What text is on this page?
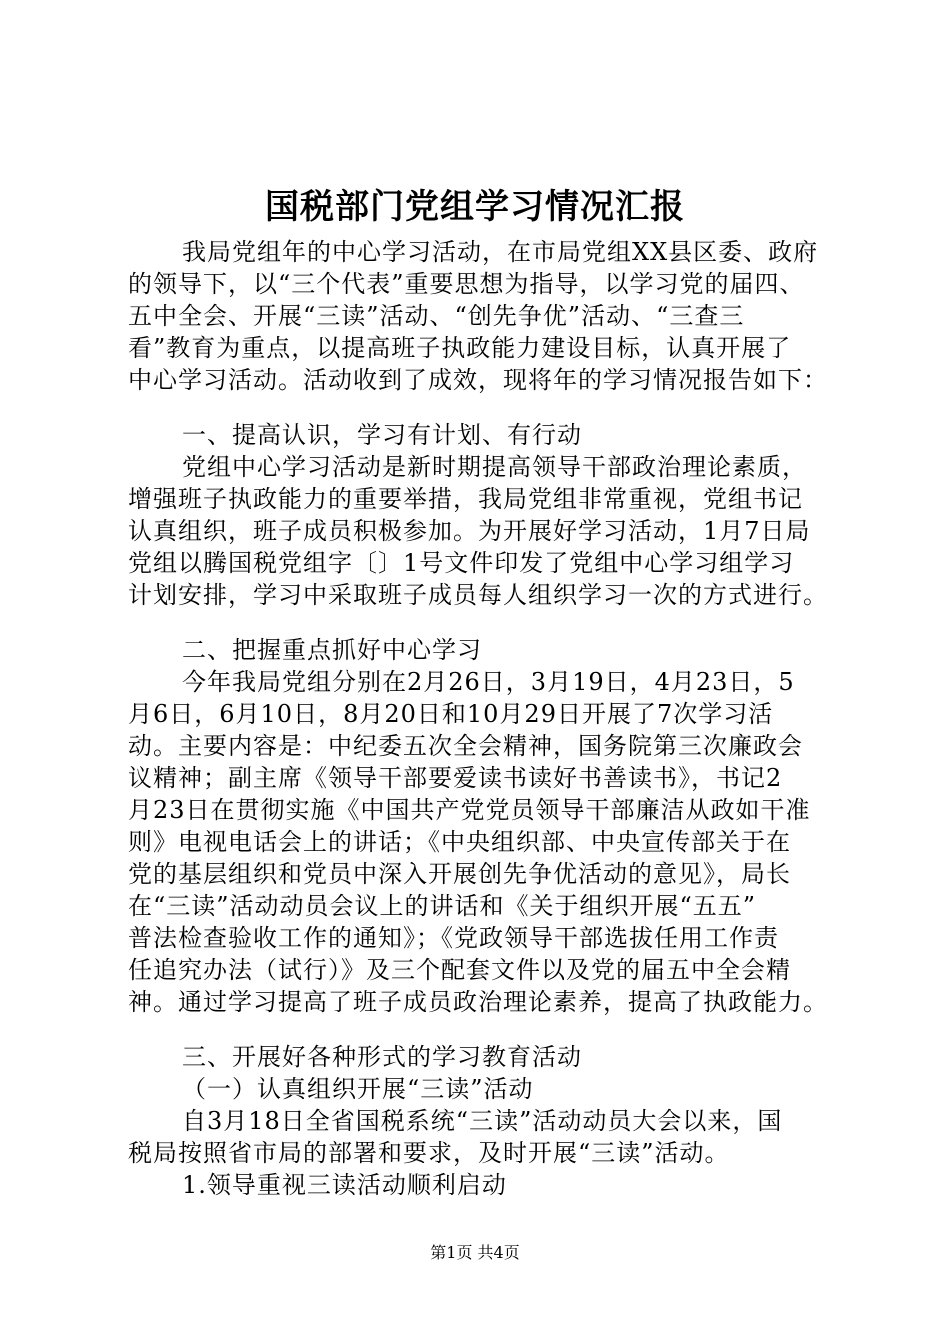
国税部门党组学习情况汇报
我局党组年的中心学习活动，在市局党组XX县区委、政府
的领导下，以“三个代表”重要思想为指导，以学习党的届四、
五中全会、开展“三读”活动、“创先争优”活动、“三查三
看”教育为重点，以提高班子执政能力建设目标，认真开展了
中心学习活动。活动收到了成效，现将年的学习情况报告如下：
一、提高认识，学习有计划、有行动
党组中心学习活动是新时期提高领导干部政治理论素质，
增强班子执政能力的重要举措，我局党组非常重视，党组书记
认真组织，班子成员积极参加。为开展好学习活动，1月7日局
党组以腾国税党组字〔〕1号文件印发了党组中心学习组学习
计划安排，学习中采取班子成员每人组织学习一次的方式进行。
二、把握重点抓好中心学习
今年我局党组分别在2月26日，3月19日，4月23日，5
月6日，6月10日，8月20日和10月29日开展了7次学习活
动。主要内容是：中纪委五次全会精神，国务院第三次廉政会
议精神；副主席《领导干部要爱读书读好书善读书》，书记2
月23日在贯彻实施《中国共产党党员领导干部廉洁从政如干准
则》电视电话会上的讲话；《中央组织部、中央宣传部关于在
党的基层组织和党员中深入开展创先争优活动的意见》，局长
在“三读”活动动员会议上的讲话和《关于组织开展“五五”
普法检查验收工作的通知》；《党政领导干部选拔任用工作责
任追究办法（试行）》及三个配套文件以及党的届五中全会精
神。通过学习提高了班子成员政治理论素养，提高了执政能力。
三、开展好各种形式的学习教育活动
（一）认真组织开展“三读”活动
自3月18日全省国税系统“三读”活动动员大会以来，国
税局按照省市局的部署和要求，及时开展“三读”活动。
1.领导重视三读活动顺利启动
第1页 共4页
